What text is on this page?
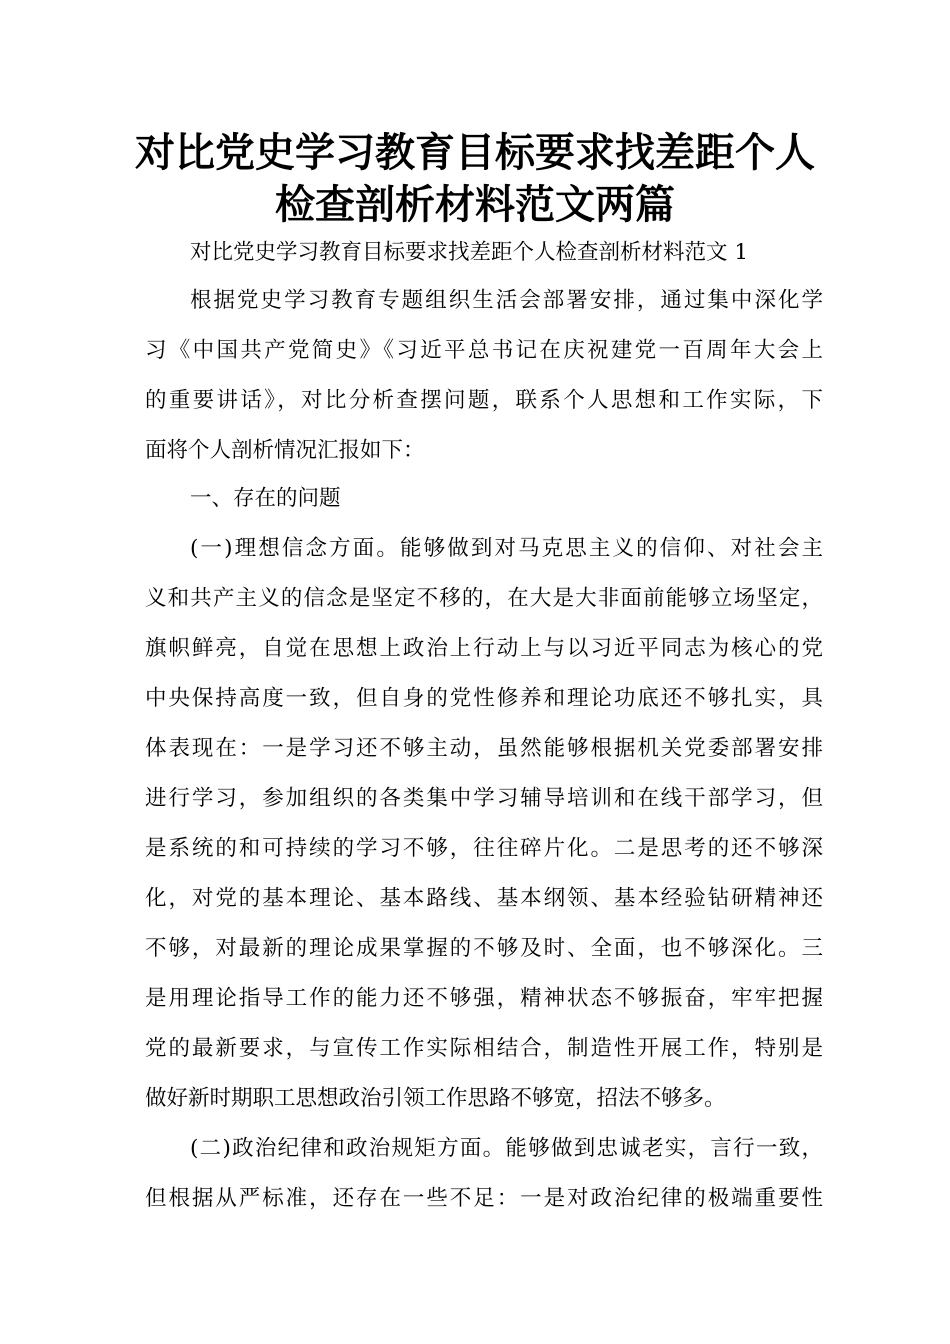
对比党史学习教育目标要求找差距个人
检查剖析材料范文两篇
对比党史学习教育目标要求找差距个人检查剖析材料范文 1
根据党史学习教育专题组织生活会部署安排，通过集中深化学
习《中国共产党简史》《习近平总书记在庆祝建党一百周年大会上
的重要讲话》，对比分析查摆问题，联系个人思想和工作实际，下
面将个人剖析情况汇报如下：
一、存在的问题
(一)理想信念方面。能够做到对马克思主义的信仰、对社会主
义和共产主义的信念是坚定不移的，在大是大非面前能够立场坚定，
旗帜鲜亮，自觉在思想上政治上行动上与以习近平同志为核心的党
中央保持高度一致，但自身的党性修养和理论功底还不够扎实，具
体表现在：一是学习还不够主动，虽然能够根据机关党委部署安排
进行学习，参加组织的各类集中学习辅导培训和在线干部学习，但
是系统的和可持续的学习不够，往往碎片化。二是思考的还不够深
化，对党的基本理论、基本路线、基本纲领、基本经验钻研精神还
不够，对最新的理论成果掌握的不够及时、全面，也不够深化。三
是用理论指导工作的能力还不够强，精神状态不够振奋，牢牢把握
党的最新要求，与宣传工作实际相结合，制造性开展工作，特别是
做好新时期职工思想政治引领工作思路不够宽，招法不够多。
(二)政治纪律和政治规矩方面。能够做到忠诚老实，言行一致，
但根据从严标准，还存在一些不足：一是对政治纪律的极端重要性
